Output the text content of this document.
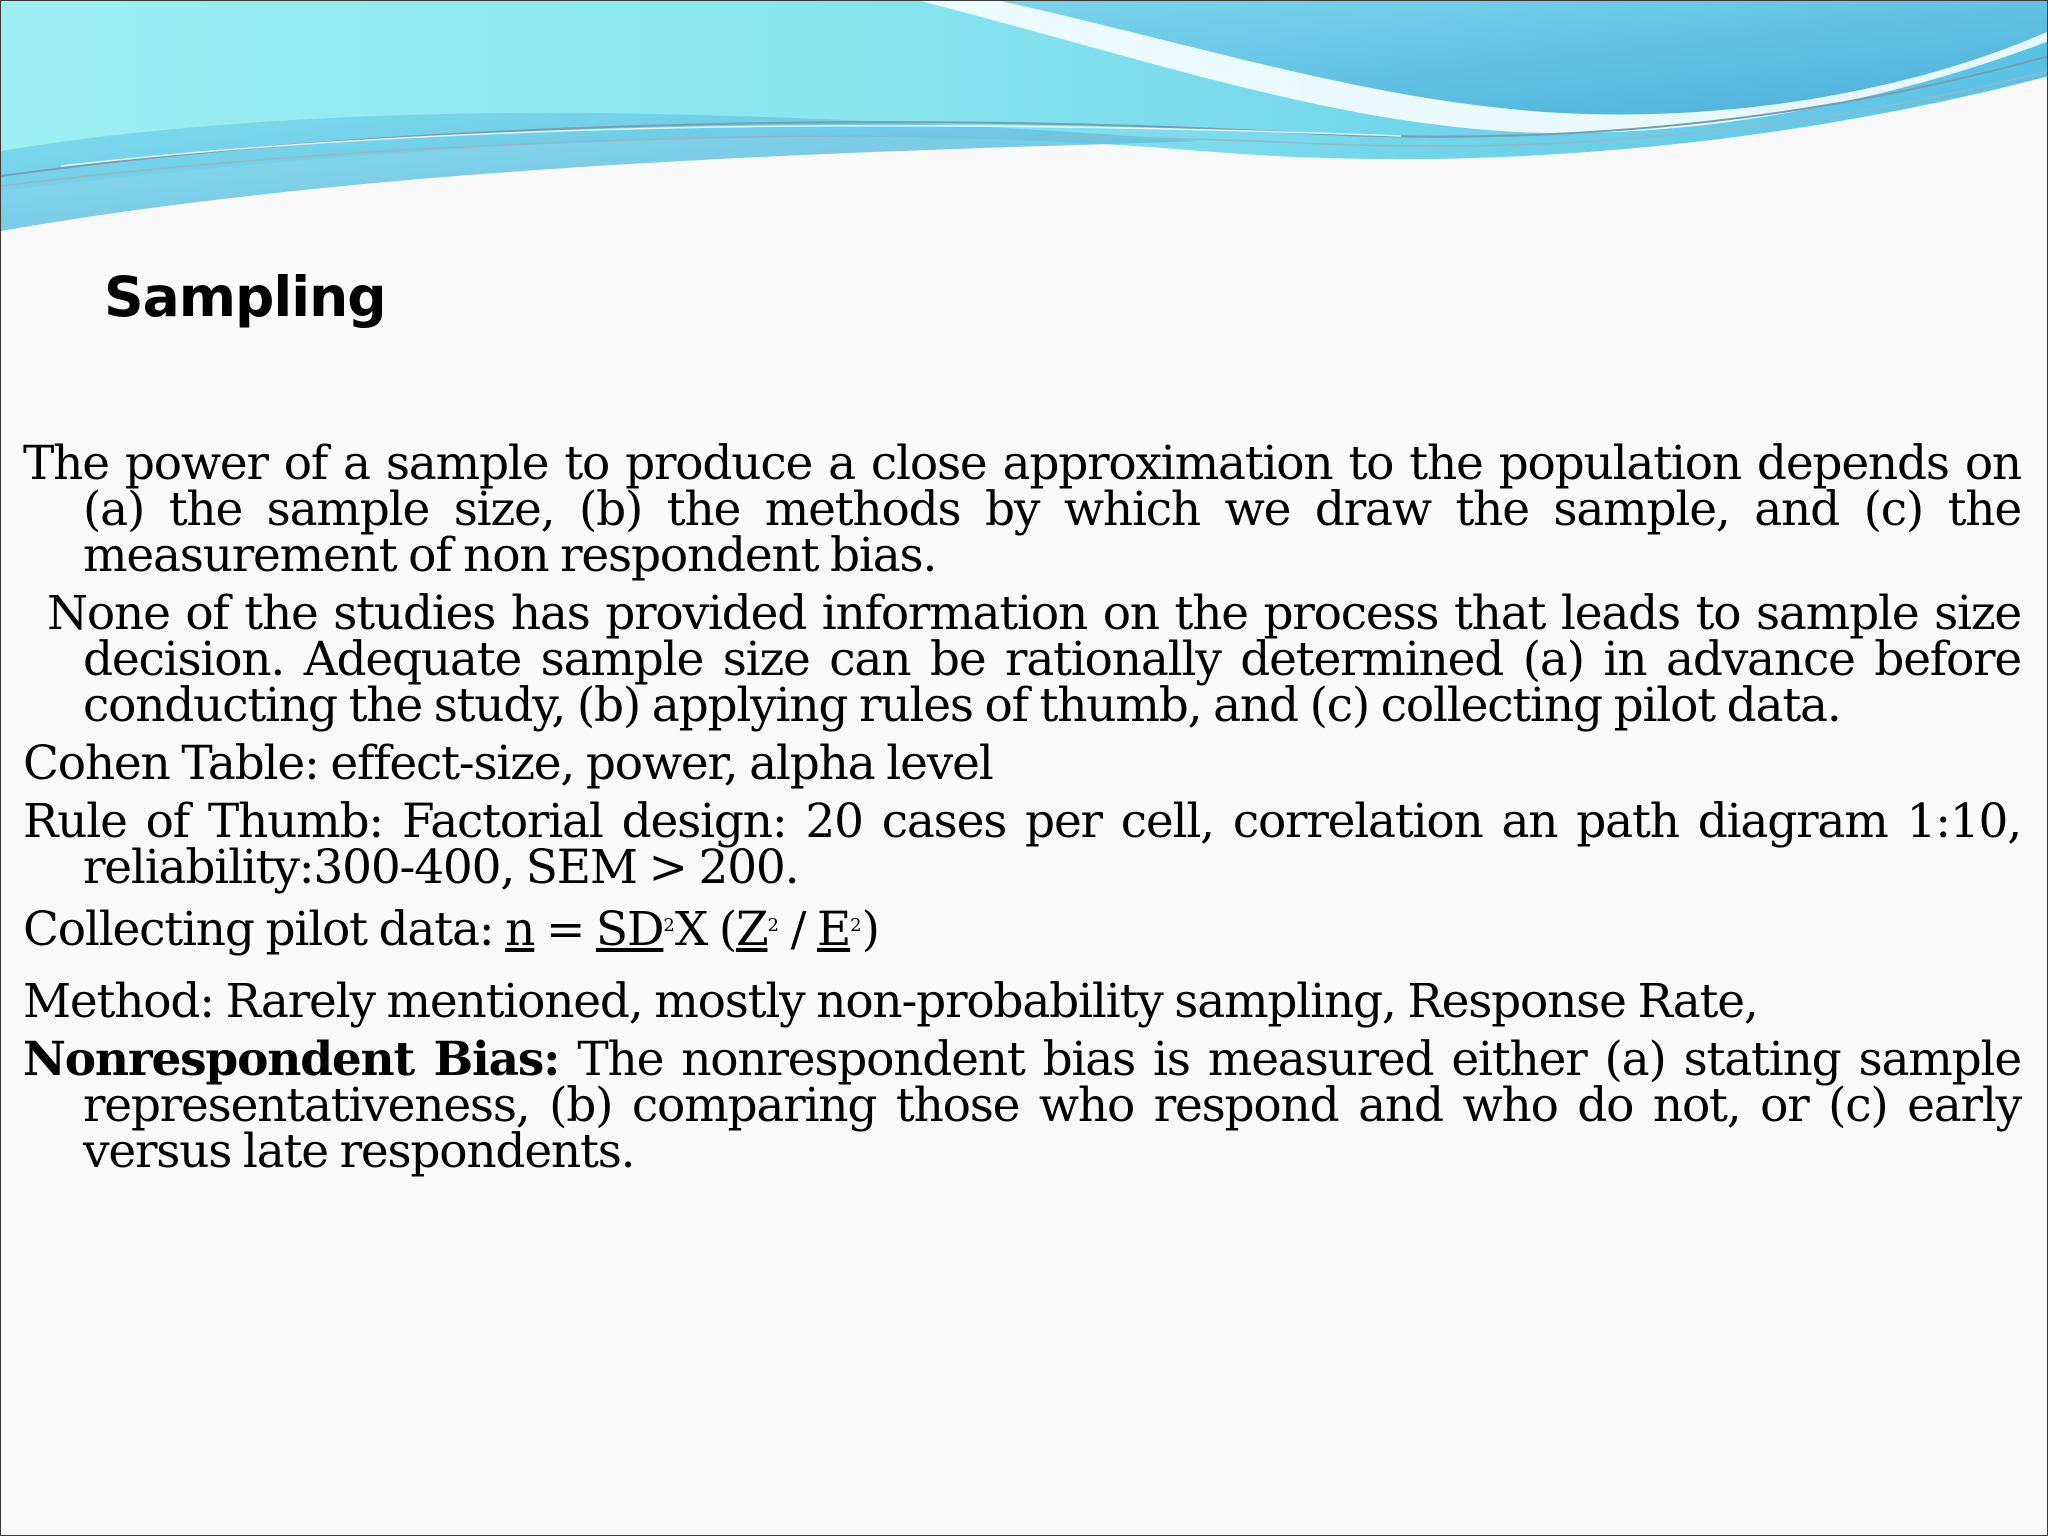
Sampling

The power of a sample to produce a close approximation to the population depends on (a) the sample size, (b) the methods by which we draw the sample, and (c) the measurement of non respondent bias.

None of the studies has provided information on the process that leads to sample size decision. Adequate sample size can be rationally determined (a) in advance before conducting the study, (b) applying rules of thumb, and (c) collecting pilot data.

Cohen Table: effect-size, power, alpha level

Rule of Thumb: Factorial design: 20 cases per cell, correlation an path diagram 1:10, reliability:300-400, SEM > 200.

Collecting pilot data: $n = SD^2X$ $(Z^2 / E^2)$

Method: Rarely mentioned, mostly non-probability sampling, Response Rate,

Nonrespondent Bias: The nonrespondent bias is measured either (a) stating sample representativeness, (b) comparing those who respond and who do not, or (c) early versus late respondents.
